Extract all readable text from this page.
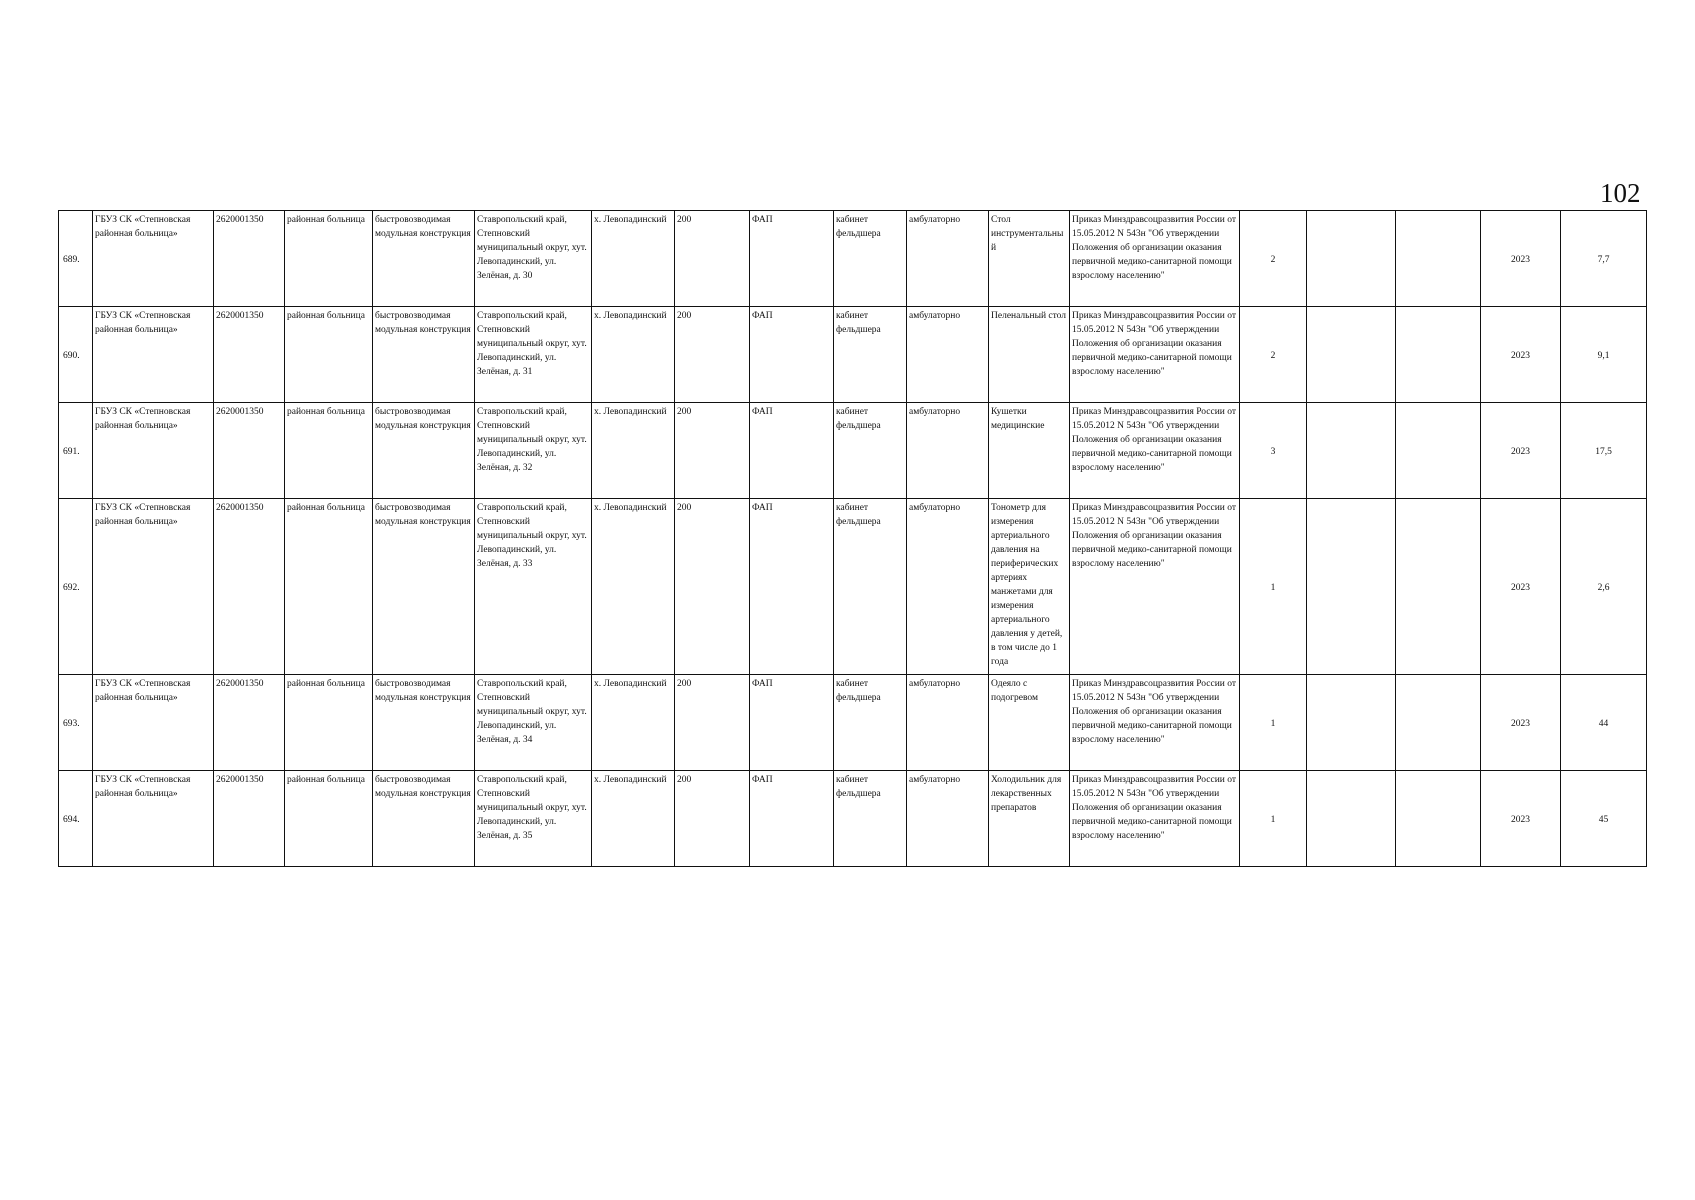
102
689.	ГБУЗ СК «Степновская районная больница»	2620001350	районная больница	быстровозводимая модульная конструкция	Ставропольский край, Степновский муниципальный округ, хут. Левопадинский, ул. Зелёная, д. 30	х. Левопадинский	200	ФАП	кабинет фельдшера	амбулаторно	Стол инструментальный	Приказ Минздравсоцразвития России от 15.05.2012 N 543н "Об утверждении Положения об организации оказания первичной медико-санитарной помощи взрослому населению"	2			2023	7,7
690.	ГБУЗ СК «Степновская районная больница»	2620001350	районная больница	быстровозводимая модульная конструкция	Ставропольский край, Степновский муниципальный округ, хут. Левопадинский, ул. Зелёная, д. 31	х. Левопадинский	200	ФАП	кабинет фельдшера	амбулаторно	Пеленальный стол	Приказ Минздравсоцразвития России от 15.05.2012 N 543н "Об утверждении Положения об организации оказания первичной медико-санитарной помощи взрослому населению"	2			2023	9,1
691.	ГБУЗ СК «Степновская районная больница»	2620001350	районная больница	быстровозводимая модульная конструкция	Ставропольский край, Степновский муниципальный округ, хут. Левопадинский, ул. Зелёная, д. 32	х. Левопадинский	200	ФАП	кабинет фельдшера	амбулаторно	Кушетки медицинские	Приказ Минздравсоцразвития России от 15.05.2012 N 543н "Об утверждении Положения об организации оказания первичной медико-санитарной помощи взрослому населению"	3			2023	17,5
692.	ГБУЗ СК «Степновская районная больница»	2620001350	районная больница	быстровозводимая модульная конструкция	Ставропольский край, Степновский муниципальный округ, хут. Левопадинский, ул. Зелёная, д. 33	х. Левопадинский	200	ФАП	кабинет фельдшера	амбулаторно	Тонометр для измерения артериального давления на периферических артериях манжетами для измерения артериального давления у детей, в том числе до 1 года	Приказ Минздравсоцразвития России от 15.05.2012 N 543н "Об утверждении Положения об организации оказания первичной медико-санитарной помощи взрослому населению"	1			2023	2,6
693.	ГБУЗ СК «Степновская районная больница»	2620001350	районная больница	быстровозводимая модульная конструкция	Ставропольский край, Степновский муниципальный округ, хут. Левопадинский, ул. Зелёная, д. 34	х. Левопадинский	200	ФАП	кабинет фельдшера	амбулаторно	Одеяло с подогревом	Приказ Минздравсоцразвития России от 15.05.2012 N 543н "Об утверждении Положения об организации оказания первичной медико-санитарной помощи взрослому населению"	1			2023	44
694.	ГБУЗ СК «Степновская районная больница»	2620001350	районная больница	быстровозводимая модульная конструкция	Ставропольский край, Степновский муниципальный округ, хут. Левопадинский, ул. Зелёная, д. 35	х. Левопадинский	200	ФАП	кабинет фельдшера	амбулаторно	Холодильник для лекарственных препаратов	Приказ Минздравсоцразвития России от 15.05.2012 N 543н "Об утверждении Положения об организации оказания первичной медико-санитарной помощи взрослому населению"	1			2023	45
